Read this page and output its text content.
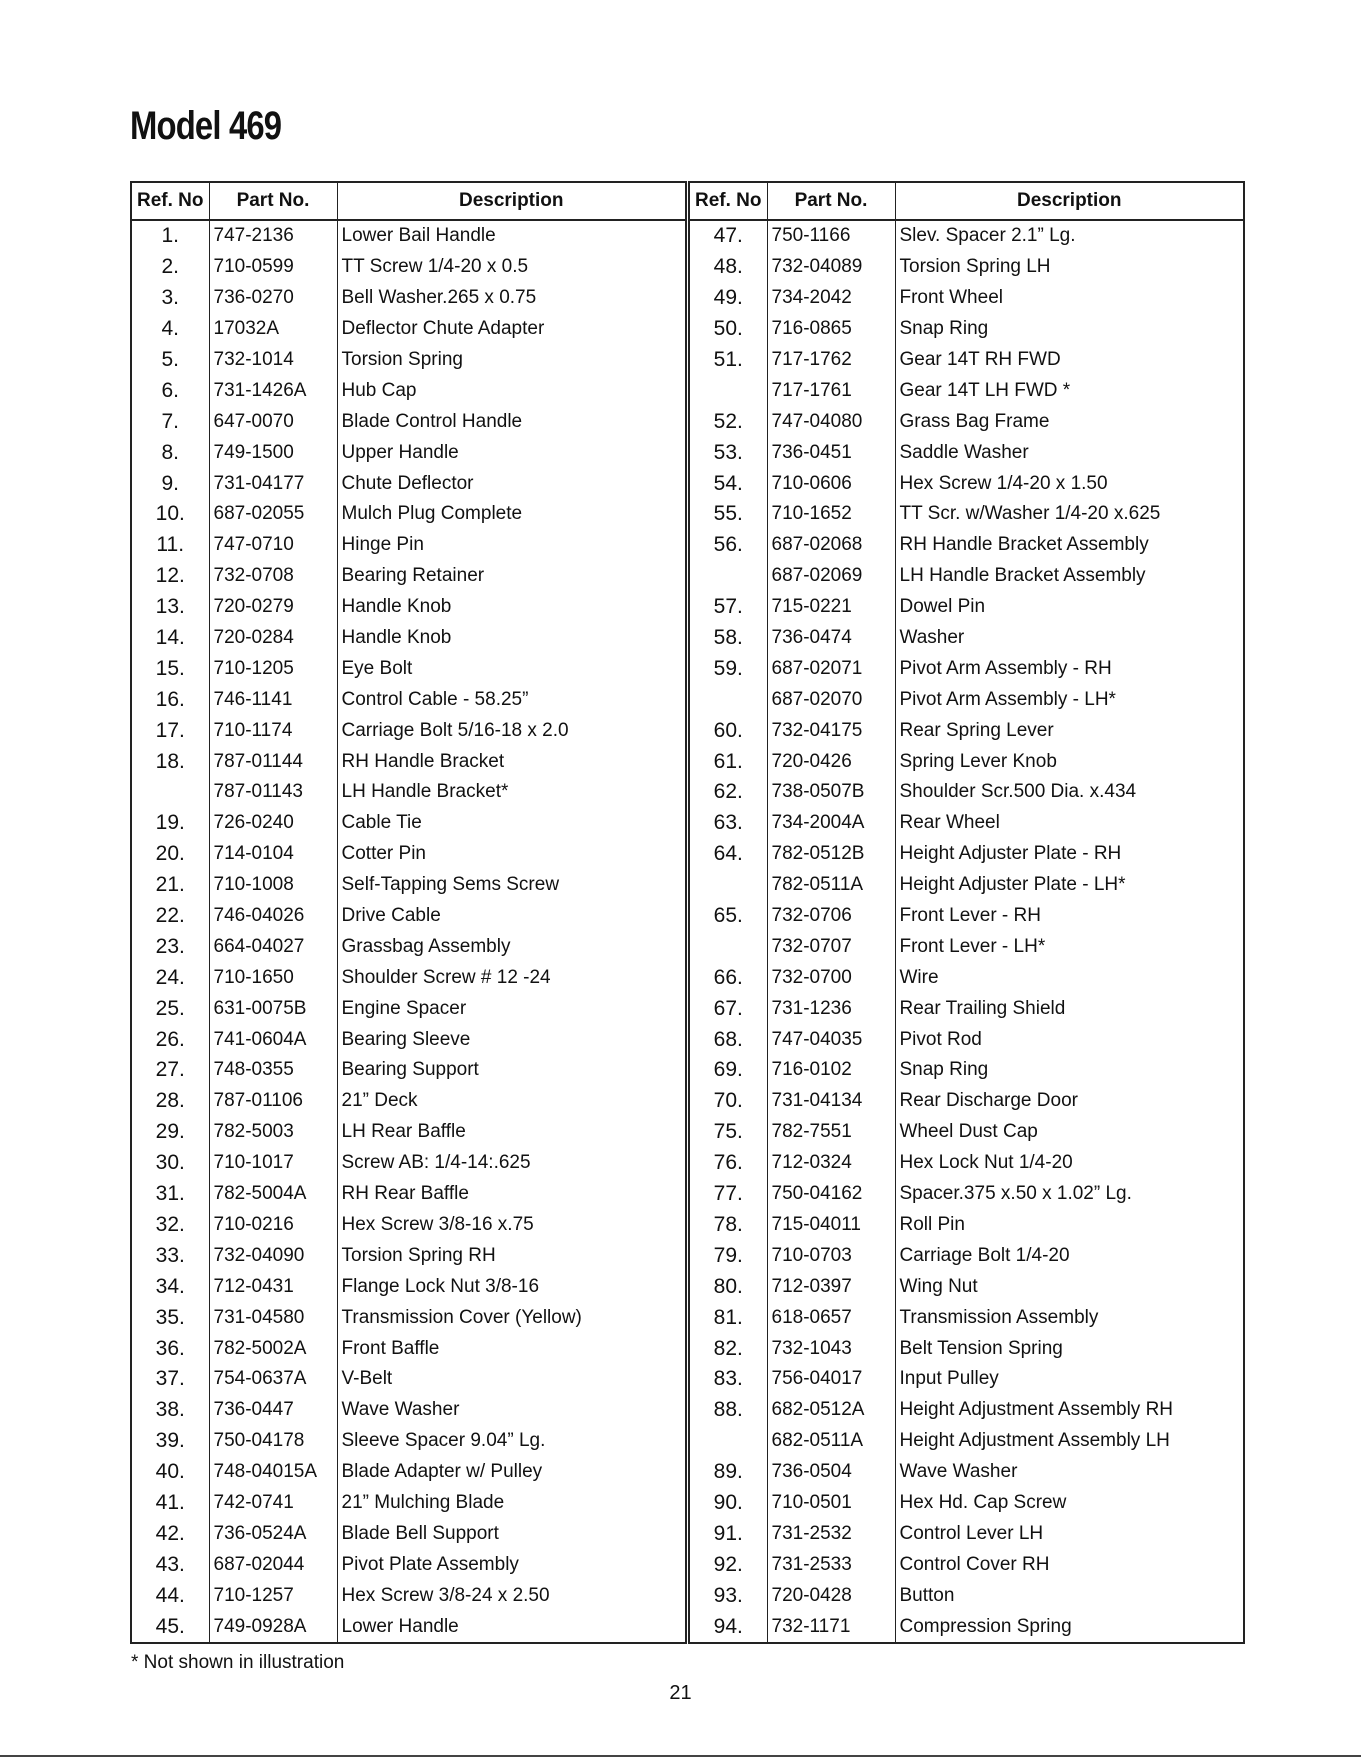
Model 469
Ref. No	Part No.	Description
1.	747-2136	Lower Bail Handle
2.	710-0599	TT Screw 1/4-20 x 0.5
3.	736-0270	Bell Washer.265 x 0.75
4.	17032A	Deflector Chute Adapter
5.	732-1014	Torsion Spring
6.	731-1426A	Hub Cap
7.	647-0070	Blade Control Handle
8.	749-1500	Upper Handle
9.	731-04177	Chute Deflector
10.	687-02055	Mulch Plug Complete
11.	747-0710	Hinge Pin
12.	732-0708	Bearing Retainer
13.	720-0279	Handle Knob
14.	720-0284	Handle Knob
15.	710-1205	Eye Bolt
16.	746-1141	Control Cable - 58.25”
17.	710-1174	Carriage Bolt 5/16-18 x 2.0
18.	787-01144	RH Handle Bracket
	787-01143	LH Handle Bracket*
19.	726-0240	Cable Tie
20.	714-0104	Cotter Pin
21.	710-1008	Self-Tapping Sems Screw
22.	746-04026	Drive Cable
23.	664-04027	Grassbag Assembly
24.	710-1650	Shoulder Screw # 12 -24
25.	631-0075B	Engine Spacer
26.	741-0604A	Bearing Sleeve
27.	748-0355	Bearing Support
28.	787-01106	21” Deck
29.	782-5003	LH Rear Baffle
30.	710-1017	Screw AB: 1/4-14:.625
31.	782-5004A	RH Rear Baffle
32.	710-0216	Hex Screw 3/8-16 x.75
33.	732-04090	Torsion Spring RH
34.	712-0431	Flange Lock Nut 3/8-16
35.	731-04580	Transmission Cover (Yellow)
36.	782-5002A	Front Baffle
37.	754-0637A	V-Belt
38.	736-0447	Wave Washer
39.	750-04178	Sleeve Spacer 9.04” Lg.
40.	748-04015A	Blade Adapter w/ Pulley
41.	742-0741	21” Mulching Blade
42.	736-0524A	Blade Bell Support
43.	687-02044	Pivot Plate Assembly
44.	710-1257	Hex Screw 3/8-24 x 2.50
45.	749-0928A	Lower Handle
Ref. No	Part No.	Description
47.	750-1166	Slev. Spacer 2.1” Lg.
48.	732-04089	Torsion Spring LH
49.	734-2042	Front Wheel
50.	716-0865	Snap Ring
51.	717-1762	Gear 14T RH FWD
	717-1761	Gear 14T LH FWD *
52.	747-04080	Grass Bag Frame
53.	736-0451	Saddle Washer
54.	710-0606	Hex Screw 1/4-20 x 1.50
55.	710-1652	TT Scr. w/Washer 1/4-20 x.625
56.	687-02068	RH Handle Bracket Assembly
	687-02069	LH Handle Bracket Assembly
57.	715-0221	Dowel Pin
58.	736-0474	Washer
59.	687-02071	Pivot Arm Assembly - RH
	687-02070	Pivot Arm Assembly - LH*
60.	732-04175	Rear Spring Lever
61.	720-0426	Spring Lever Knob
62.	738-0507B	Shoulder Scr.500 Dia. x.434
63.	734-2004A	Rear Wheel
64.	782-0512B	Height Adjuster Plate - RH
	782-0511A	Height Adjuster Plate - LH*
65.	732-0706	Front Lever - RH
	732-0707	Front Lever - LH*
66.	732-0700	Wire
67.	731-1236	Rear Trailing Shield
68.	747-04035	Pivot Rod
69.	716-0102	Snap Ring
70.	731-04134	Rear Discharge Door
75.	782-7551	Wheel Dust Cap
76.	712-0324	Hex Lock Nut 1/4-20
77.	750-04162	Spacer.375 x.50 x 1.02” Lg.
78.	715-04011	Roll Pin
79.	710-0703	Carriage Bolt 1/4-20
80.	712-0397	Wing Nut
81.	618-0657	Transmission Assembly
82.	732-1043	Belt Tension Spring
83.	756-04017	Input Pulley
88.	682-0512A	Height Adjustment Assembly RH
	682-0511A	Height Adjustment Assembly LH
89.	736-0504	Wave Washer
90.	710-0501	Hex Hd. Cap Screw
91.	731-2532	Control Lever LH
92.	731-2533	Control Cover RH
93.	720-0428	Button
94.	732-1171	Compression Spring
* Not shown in illustration
21
